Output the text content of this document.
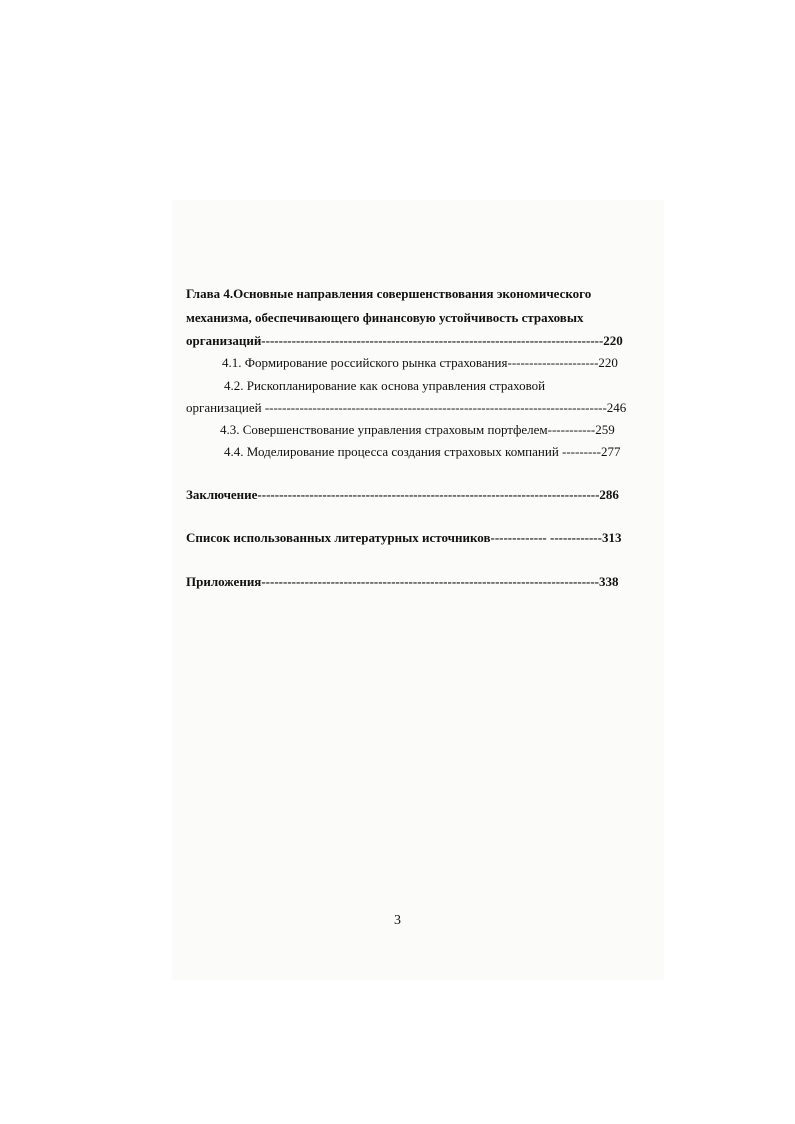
Глава 4.Основные направления совершенствования экономического
механизма, обеспечивающего финансовую устойчивость страховых
организаций-------------------------------------------------------------------------------220
4.1. Формирование российского рынка страхования---------------------220
4.2. Рископланирование как основа управления страховой
организацией -------------------------------------------------------------------------------246
4.3. Совершенствование управления страховым портфелем-----------259
4.4. Моделирование процесса создания страховых компаний ---------277
Заключение-------------------------------------------------------------------------------286
Список использованных литературных источников------------- ------------313
Приложения------------------------------------------------------------------------------338
3
